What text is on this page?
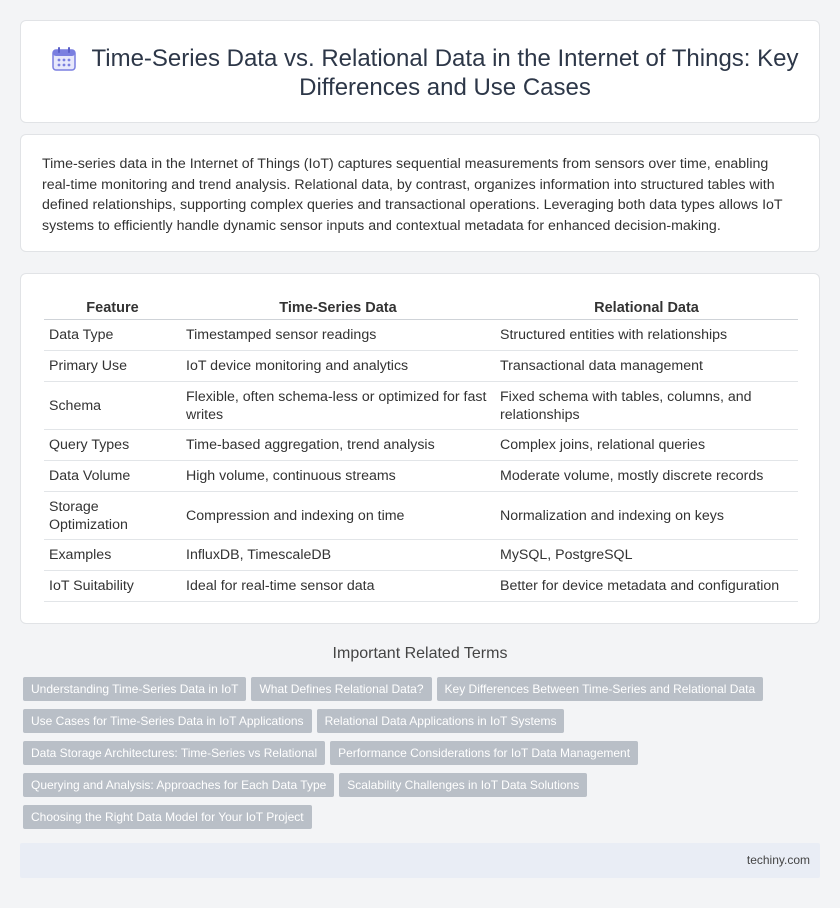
Time-Series Data vs. Relational Data in the Internet of Things: Key Differences and Use Cases

Time-series data in the Internet of Things (IoT) captures sequential measurements from sensors over time, enabling real-time monitoring and trend analysis. Relational data, by contrast, organizes information into structured tables with defined relationships, supporting complex queries and transactional operations. Leveraging both data types allows IoT systems to efficiently handle dynamic sensor inputs and contextual metadata for enhanced decision-making.

Feature	Time-Series Data	Relational Data
Data Type	Timestamped sensor readings	Structured entities with relationships
Primary Use	IoT device monitoring and analytics	Transactional data management
Schema	Flexible, often schema-less or optimized for fast writes	Fixed schema with tables, columns, and relationships
Query Types	Time-based aggregation, trend analysis	Complex joins, relational queries
Data Volume	High volume, continuous streams	Moderate volume, mostly discrete records
Storage Optimization	Compression and indexing on time	Normalization and indexing on keys
Examples	InfluxDB, TimescaleDB	MySQL, PostgreSQL
IoT Suitability	Ideal for real-time sensor data	Better for device metadata and configuration
Important Related Terms
Understanding Time-Series Data in IoT What Defines Relational Data? Key Differences Between Time-Series and Relational Data
Use Cases for Time-Series Data in IoT Applications Relational Data Applications in IoT Systems
Data Storage Architectures: Time-Series vs Relational Performance Considerations for IoT Data Management
Querying and Analysis: Approaches for Each Data Type Scalability Challenges in IoT Data Solutions
Choosing the Right Data Model for Your IoT Project
techiny.com
